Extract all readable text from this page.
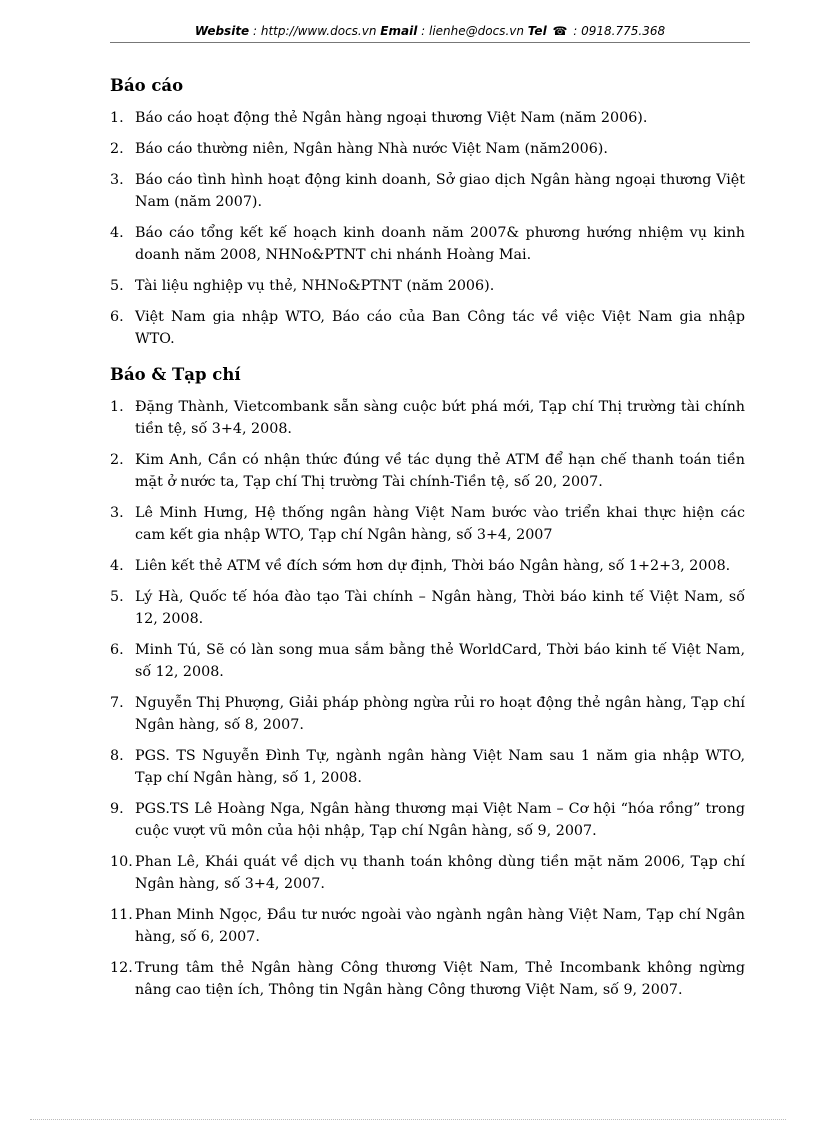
Website : http://www.docs.vn Email : lienhe@docs.vn Tel ☎ : 0918.775.368
Báo cáo
1. Báo cáo hoạt động thẻ Ngân hàng ngoại thương Việt Nam (năm 2006).
2. Báo cáo thường niên, Ngân hàng Nhà nước Việt Nam (năm2006).
3. Báo cáo tình hình hoạt động kinh doanh, Sở giao dịch Ngân hàng ngoại thương Việt Nam (năm 2007).
4. Báo cáo tổng kết kế hoạch kinh doanh năm 2007& phương hướng nhiệm vụ kinh doanh năm 2008, NHNo&PTNT chi nhánh Hoàng Mai.
5. Tài liệu nghiệp vụ thẻ, NHNo&PTNT (năm 2006).
6. Việt Nam gia nhập WTO, Báo cáo của Ban Công tác về việc Việt Nam gia nhập WTO.
Báo & Tạp chí
1. Đặng Thành, Vietcombank sẵn sàng cuộc bứt phá mới, Tạp chí Thị trường tài chính tiền tệ, số 3+4, 2008.
2. Kim Anh, Cần có nhận thức đúng về tác dụng thẻ ATM để hạn chế thanh toán tiền mặt ở nước ta, Tạp chí Thị trường Tài chính-Tiền tệ, số 20, 2007.
3. Lê Minh Hưng, Hệ thống ngân hàng Việt Nam bước vào triển khai thực hiện các cam kết gia nhập WTO, Tạp chí Ngân hàng, số 3+4, 2007
4. Liên kết thẻ ATM về đích sớm hơn dự định, Thời báo Ngân hàng, số 1+2+3, 2008.
5. Lý Hà, Quốc tế hóa đào tạo Tài chính – Ngân hàng, Thời báo kinh tế Việt Nam, số 12, 2008.
6. Minh Tú, Sẽ có làn song mua sắm bằng thẻ WorldCard, Thời báo kinh tế Việt Nam, số 12, 2008.
7. Nguyễn Thị Phượng, Giải pháp phòng ngừa rủi ro hoạt động thẻ ngân hàng, Tạp chí Ngân hàng, số 8, 2007.
8. PGS. TS Nguyễn Đình Tự, ngành ngân hàng Việt Nam sau 1 năm gia nhập WTO, Tạp chí Ngân hàng, số 1, 2008.
9. PGS.TS Lê Hoàng Nga, Ngân hàng thương mại Việt Nam – Cơ hội “hóa rồng” trong cuộc vượt vũ môn của hội nhập, Tạp chí Ngân hàng, số 9, 2007.
10. Phan Lê, Khái quát về dịch vụ thanh toán không dùng tiền mặt năm 2006, Tạp chí Ngân hàng, số 3+4, 2007.
11. Phan Minh Ngọc, Đầu tư nước ngoài vào ngành ngân hàng Việt Nam, Tạp chí Ngân hàng, số 6, 2007.
12. Trung tâm thẻ Ngân hàng Công thương Việt Nam, Thẻ Incombank không ngừng nâng cao tiện ích, Thông tin Ngân hàng Công thương Việt Nam, số 9, 2007.
